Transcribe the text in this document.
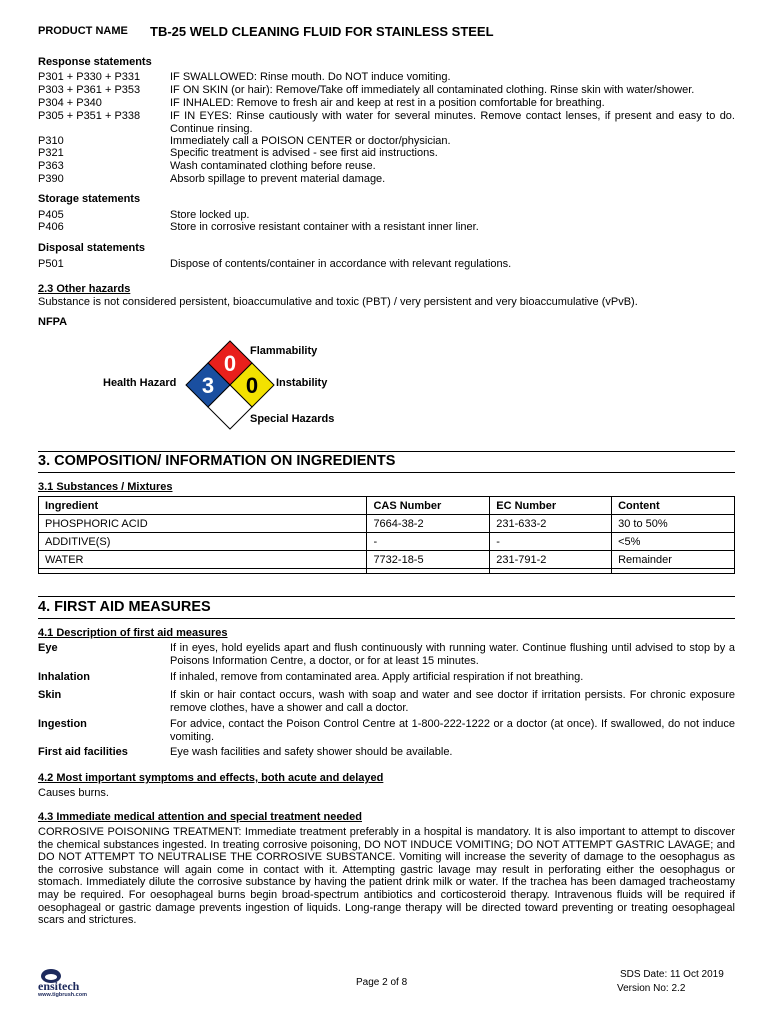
PRODUCT NAME TB-25 WELD CLEANING FLUID FOR STAINLESS STEEL
Response statements
P301 + P330 + P331	IF SWALLOWED: Rinse mouth. Do NOT induce vomiting.
P303 + P361 + P353	IF ON SKIN (or hair): Remove/Take off immediately all contaminated clothing. Rinse skin with water/shower.
P304 + P340	IF INHALED: Remove to fresh air and keep at rest in a position comfortable for breathing.
P305 + P351 + P338	IF IN EYES: Rinse cautiously with water for several minutes. Remove contact lenses, if present and easy to do. Continue rinsing.
P310	Immediately call a POISON CENTER or doctor/physician.
P321	Specific treatment is advised - see first aid instructions.
P363	Wash contaminated clothing before reuse.
P390	Absorb spillage to prevent material damage.
Storage statements
P405	Store locked up.
P406	Store in corrosive resistant container with a resistant inner liner.
Disposal statements
P501	Dispose of contents/container in accordance with relevant regulations.
2.3 Other hazards
Substance is not considered persistent, bioaccumulative and toxic (PBT) / very persistent and very bioaccumulative (vPvB).
NFPA
0
3 0
Flammability
Health Hazard	Instability
Special Hazards
3. COMPOSITION/ INFORMATION ON INGREDIENTS
3.1 Substances / Mixtures
Ingredient	CAS Number	EC Number	Content
PHOSPHORIC ACID	7664-38-2	231-633-2	30 to 50%
ADDITIVE(S)	-	-	<5%
WATER	7732-18-5	231-791-2	Remainder

4. FIRST AID MEASURES
4.1 Description of first aid measures
Eye	If in eyes, hold eyelids apart and flush continuously with running water. Continue flushing until advised to stop by a Poisons Information Centre, a doctor, or for at least 15 minutes.
Inhalation	If inhaled, remove from contaminated area. Apply artificial respiration if not breathing.
Skin	If skin or hair contact occurs, wash with soap and water and see doctor if irritation persists. For chronic exposure remove clothes, have a shower and call a doctor.
Ingestion	For advice, contact the Poison Control Centre at 1-800-222-1222 or a doctor (at once). If swallowed, do not induce vomiting.
First aid facilities	Eye wash facilities and safety shower should be available.
4.2 Most important symptoms and effects, both acute and delayed
Causes burns.
4.3 Immediate medical attention and special treatment needed
CORROSIVE POISONING TREATMENT: Immediate treatment preferably in a hospital is mandatory. It is also important to attempt to discover the chemical substances ingested. In treating corrosive poisoning, DO NOT INDUCE VOMITING; DO NOT ATTEMPT GASTRIC LAVAGE; and DO NOT ATTEMPT TO NEUTRALISE THE CORROSIVE SUBSTANCE. Vomiting will increase the severity of damage to the oesophagus as the corrosive substance will again come in contact with it. Attempting gastric lavage may result in perforating either the oesophagus or stomach. Immediately dilute the corrosive substance by having the patient drink milk or water. If the trachea has been damaged tracheostamy may be required. For oesophageal burns begin broad-spectrum antibiotics and corticosteroid therapy. Intravenous fluids will be required if oesophageal or gastric damage prevents ingestion of liquids. Long-range therapy will be directed toward preventing or treating oesophageal scars and strictures.
ensitech
www.tigbrush.com
Page 2 of 8
SDS Date: 11 Oct 2019
Version No: 2.2
